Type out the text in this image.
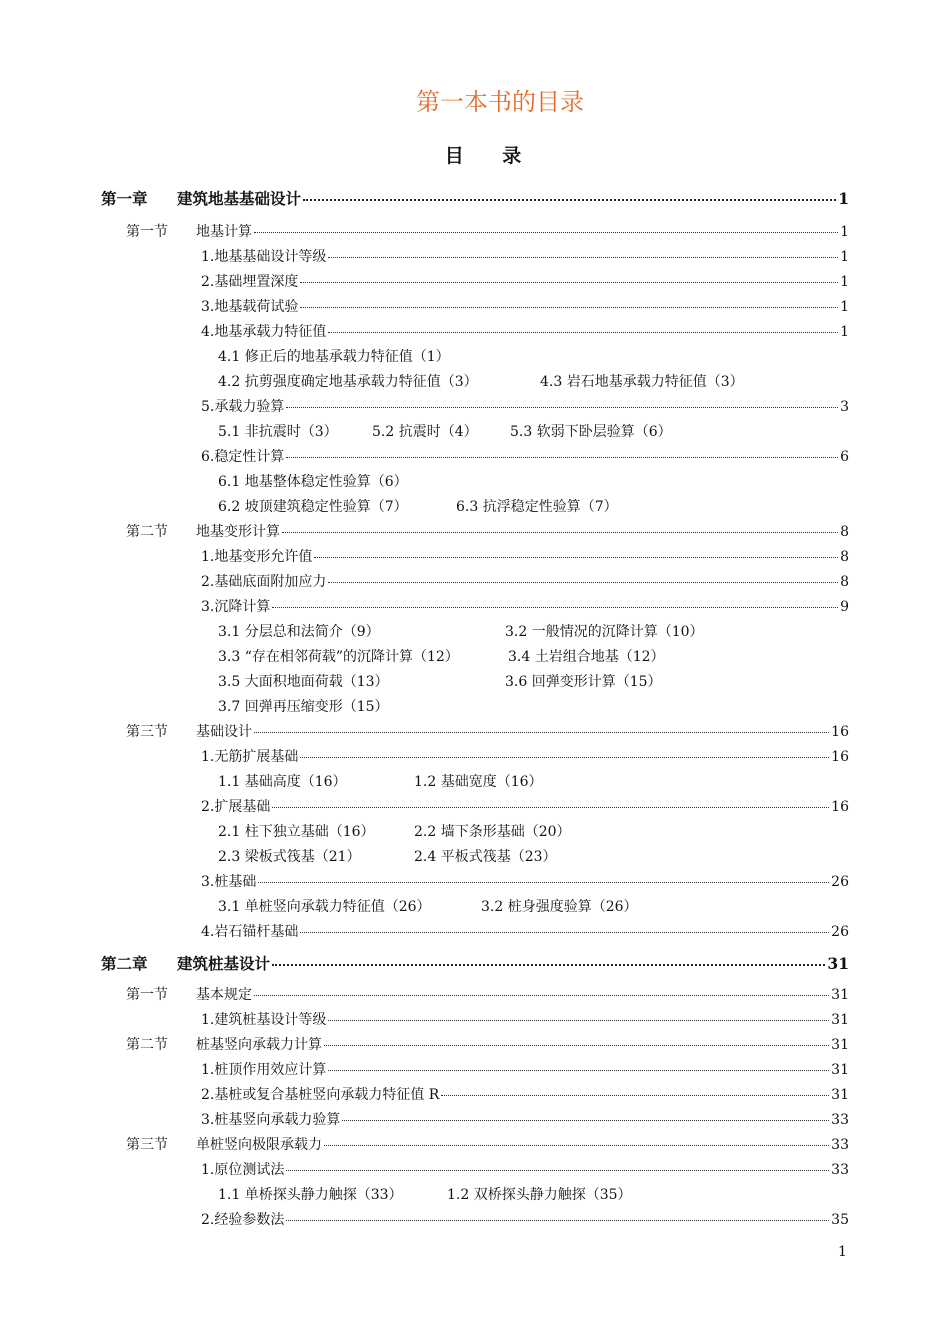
第一本书的目录
目 录
第一章 建筑地基基础设计	1
第一节 地基计算	1
1.地基基础设计等级	1
2.基础埋置深度	1
3.地基载荷试验	1
4.地基承载力特征值	1
4.1 修正后的地基承载力特征值（1）
4.2 抗剪强度确定地基承载力特征值（3）	4.3 岩石地基承载力特征值（3）
5.承载力验算	3
5.1 非抗震时（3） 5.2 抗震时（4） 5.3 软弱下卧层验算（6）
6.稳定性计算	6
6.1 地基整体稳定性验算（6）
6.2 坡顶建筑稳定性验算（7）	6.3 抗浮稳定性验算（7）
第二节 地基变形计算	8
1.地基变形允许值	8
2.基础底面附加应力	8
3.沉降计算	9
3.1 分层总和法简介（9）	3.2 一般情况的沉降计算（10）
3.3 “存在相邻荷载”的沉降计算（12）	3.4 土岩组合地基（12）
3.5 大面积地面荷载（13）	3.6 回弹变形计算（15）
3.7 回弹再压缩变形（15）
第三节 基础设计	16
1.无筋扩展基础	16
1.1 基础高度（16）	1.2 基础宽度（16）
2.扩展基础	16
2.1 柱下独立基础（16）	2.2 墙下条形基础（20）
2.3 梁板式筏基（21）	2.4 平板式筏基（23）
3.桩基础	26
3.1 单桩竖向承载力特征值（26）	3.2 桩身强度验算（26）
4.岩石锚杆基础	26
第二章 建筑桩基设计	31
第一节 基本规定	31
1.建筑桩基设计等级	31
第二节 桩基竖向承载力计算	31
1.桩顶作用效应计算	31
2.基桩或复合基桩竖向承载力特征值 R	31
3.桩基竖向承载力验算	33
第三节 单桩竖向极限承载力	33
1.原位测试法	33
1.1 单桥探头静力触探（33）	1.2 双桥探头静力触探（35）
2.经验参数法	35
1
